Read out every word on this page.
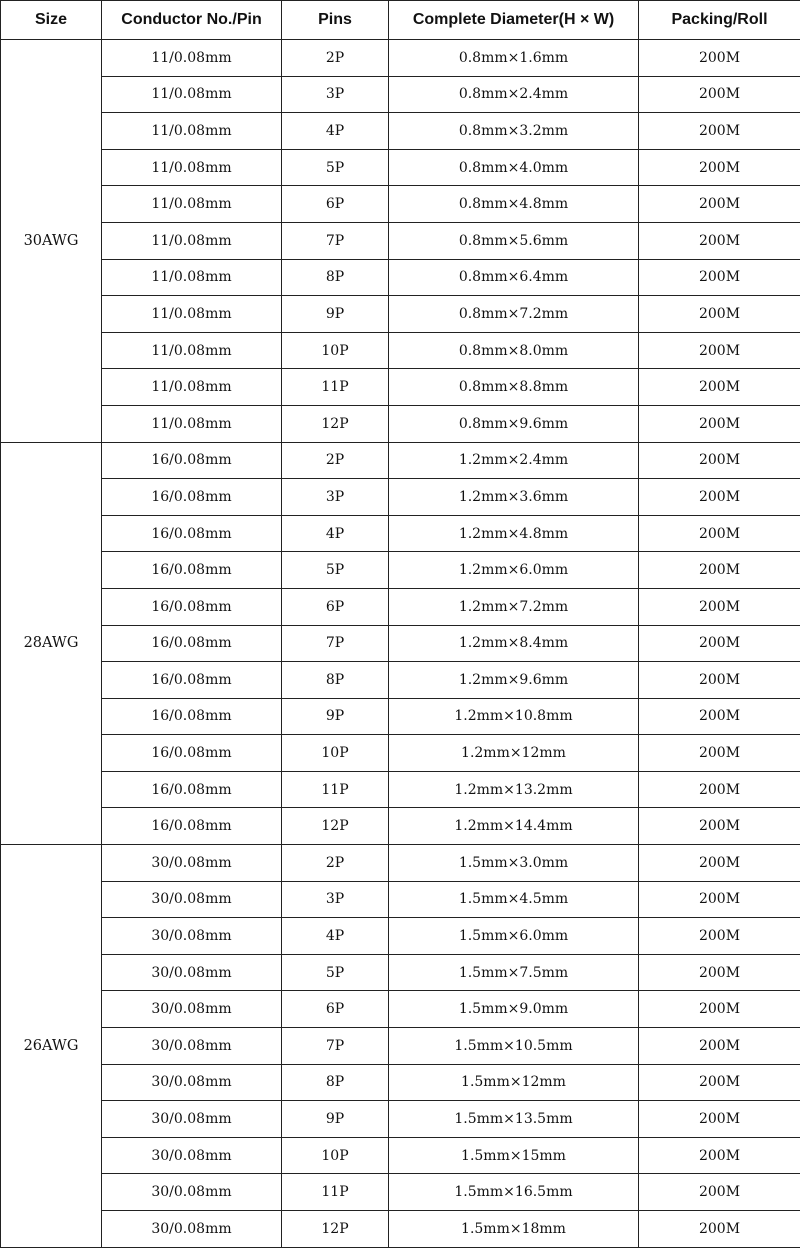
Size	Conductor No./Pin	Pins	Complete Diameter(H × W)	Packing/Roll
30AWG	11/0.08mm	2P	0.8mm×1.6mm	200M
	11/0.08mm	3P	0.8mm×2.4mm	200M
	11/0.08mm	4P	0.8mm×3.2mm	200M
	11/0.08mm	5P	0.8mm×4.0mm	200M
	11/0.08mm	6P	0.8mm×4.8mm	200M
	11/0.08mm	7P	0.8mm×5.6mm	200M
	11/0.08mm	8P	0.8mm×6.4mm	200M
	11/0.08mm	9P	0.8mm×7.2mm	200M
	11/0.08mm	10P	0.8mm×8.0mm	200M
	11/0.08mm	11P	0.8mm×8.8mm	200M
	11/0.08mm	12P	0.8mm×9.6mm	200M
28AWG	16/0.08mm	2P	1.2mm×2.4mm	200M
	16/0.08mm	3P	1.2mm×3.6mm	200M
	16/0.08mm	4P	1.2mm×4.8mm	200M
	16/0.08mm	5P	1.2mm×6.0mm	200M
	16/0.08mm	6P	1.2mm×7.2mm	200M
	16/0.08mm	7P	1.2mm×8.4mm	200M
	16/0.08mm	8P	1.2mm×9.6mm	200M
	16/0.08mm	9P	1.2mm×10.8mm	200M
	16/0.08mm	10P	1.2mm×12mm	200M
	16/0.08mm	11P	1.2mm×13.2mm	200M
	16/0.08mm	12P	1.2mm×14.4mm	200M
26AWG	30/0.08mm	2P	1.5mm×3.0mm	200M
	30/0.08mm	3P	1.5mm×4.5mm	200M
	30/0.08mm	4P	1.5mm×6.0mm	200M
	30/0.08mm	5P	1.5mm×7.5mm	200M
	30/0.08mm	6P	1.5mm×9.0mm	200M
	30/0.08mm	7P	1.5mm×10.5mm	200M
	30/0.08mm	8P	1.5mm×12mm	200M
	30/0.08mm	9P	1.5mm×13.5mm	200M
	30/0.08mm	10P	1.5mm×15mm	200M
	30/0.08mm	11P	1.5mm×16.5mm	200M
	30/0.08mm	12P	1.5mm×18mm	200M
